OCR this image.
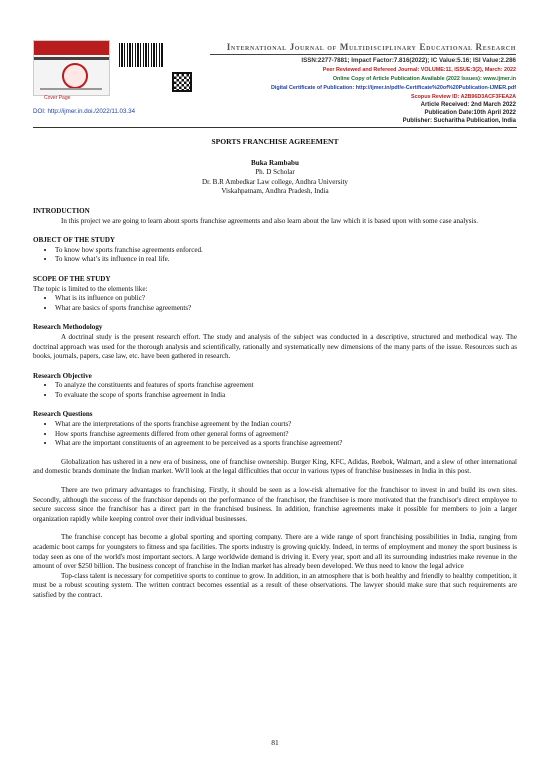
Cover Page
International Journal of Multidisciplinary Educational Research
ISSN:2277-7881; Impact Factor:7.816(2022); IC Value:5.16; ISI Value:2.286
Peer Reviewed and Refereed Journal: VOLUME:11, ISSUE:3(2), March: 2022
Online Copy of Article Publication Available (2022 Issues): www.ijmer.in
Digital Certificate of Publication: http://ijmer.in/pdf/e-Certificate%20of%20Publication-IJMER.pdf
Scopus Review ID: A2B96D3ACF3FEA2A
Article Received: 2nd March 2022
Publication Date:10th April 2022
Publisher: Sucharitha Publication, India
DOI: http://ijmer.in.doi./2022/11.03.34
SPORTS FRANCHISE AGREEMENT
Buka Rambabu
Ph. D Scholar
Dr. B.R Ambedkar Law college, Andhra University
Viskahpatnam, Andhra Pradesh, India
INTRODUCTION
In this project we are going to learn about sports franchise agreements and also learn about the law which it is based upon with some case analysis.
OBJECT OF THE STUDY
• To know how sports franchise agreements enforced.
• To know what’s its influence in real life.
SCOPE OF THE STUDY
The topic is limited to the elements like:
• What is its influence on public?
• What are basics of sports franchise agreements?
Research Methodology
A doctrinal study is the present research effort. The study and analysis of the subject was conducted in a descriptive, structured and methodical way. The doctrinal approach was used for the thorough analysis and scientifically, rationally and systematically new dimensions of the many parts of the issue. Resources such as books, journals, papers, case law, etc. have been gathered in research.
Research Objective
• To analyze the constituents and features of sports franchise agreement
• To evaluate the scope of sports franchise agreement in India
Research Questions
• What are the interpretations of the sports franchise agreement by the Indian courts?
• How sports franchise agreements differed from other general forms of agreement?
• What are the important constituents of an agreement to be perceived as a sports franchise agreement?
Globalization has ushered in a new era of business, one of franchise ownership. Burger King, KFC, Adidas, Reebok, Walmart, and a slew of other international and domestic brands dominate the Indian market. We'll look at the legal difficulties that occur in various types of franchise businesses in India in this post.
There are two primary advantages to franchising. Firstly, it should be seen as a low-risk alternative for the franchisor to invest in and build its own sites. Secondly, although the success of the franchisor depends on the performance of the franchisor, the franchisee is more motivated that the franchisor's direct employee to secure success since the franchisor has a direct part in the franchised business. In addition, franchise agreements make it possible for members to join a larger organization rapidly while keeping control over their individual businesses.
The franchise concept has become a global sporting and sporting company. There are a wide range of sport franchising possibilities in India, ranging from academic boot camps for youngsters to fitness and spa facilities. The sports industry is growing quickly. Indeed, in terms of employment and money the sport business is today seen as one of the world's most important sectors. A large worldwide demand is driving it. Every year, sport and all its surrounding industries make revenue in the amount of over $250 billion. The business concept of franchise in the Indian market has already been developed. We thus need to know the legal advice
Top-class talent is necessary for competitive sports to continue to grow. In addition, in an atmosphere that is both healthy and friendly to healthy competition, it must be a robust scouting system. The written contract becomes essential as a result of these observations. The lawyer should make sure that such requirements are satisfied by the contract.
81
